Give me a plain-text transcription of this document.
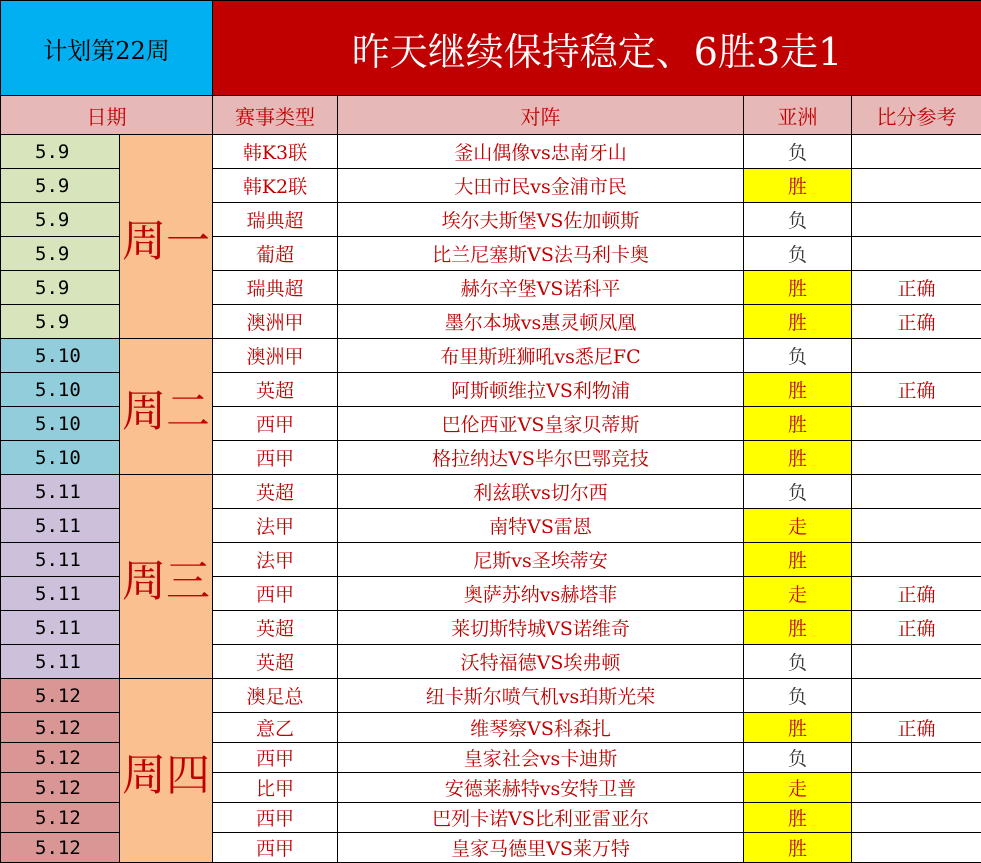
计划第22周		昨天继续保持稳定、6胜3走1			
日期		赛事类型	对阵	亚洲	比分参考
5.9	周一	韩K3联	釜山偶像vs忠南牙山	负	
5.9		韩K2联	大田市民vs金浦市民	胜	
5.9		瑞典超	埃尔夫斯堡VS佐加顿斯	负	
5.9		葡超	比兰尼塞斯VS法马利卡奥	负	
5.9		瑞典超	赫尔辛堡VS诺科平	胜	正确
5.9		澳洲甲	墨尔本城vs惠灵顿凤凰	胜	正确
5.10	周二	澳洲甲	布里斯班狮吼vs悉尼FC	负	
5.10		英超	阿斯顿维拉VS利物浦	胜	正确
5.10		西甲	巴伦西亚VS皇家贝蒂斯	胜	
5.10		西甲	格拉纳达VS毕尔巴鄂竞技	胜	
5.11	周三	英超	利兹联vs切尔西	负	
5.11		法甲	南特VS雷恩	走	
5.11		法甲	尼斯vs圣埃蒂安	胜	
5.11		西甲	奥萨苏纳vs赫塔菲	走	正确
5.11		英超	莱切斯特城VS诺维奇	胜	正确
5.11		英超	沃特福德VS埃弗顿	负	
5.12	周四	澳足总	纽卡斯尔喷气机vs珀斯光荣	负	
5.12		意乙	维琴察VS科森扎	胜	正确
5.12		西甲	皇家社会vs卡迪斯	负	
5.12		比甲	安德莱赫特vs安特卫普	走	
5.12		西甲	巴列卡诺VS比利亚雷亚尔	胜	
5.12		西甲	皇家马德里VS莱万特	胜	
